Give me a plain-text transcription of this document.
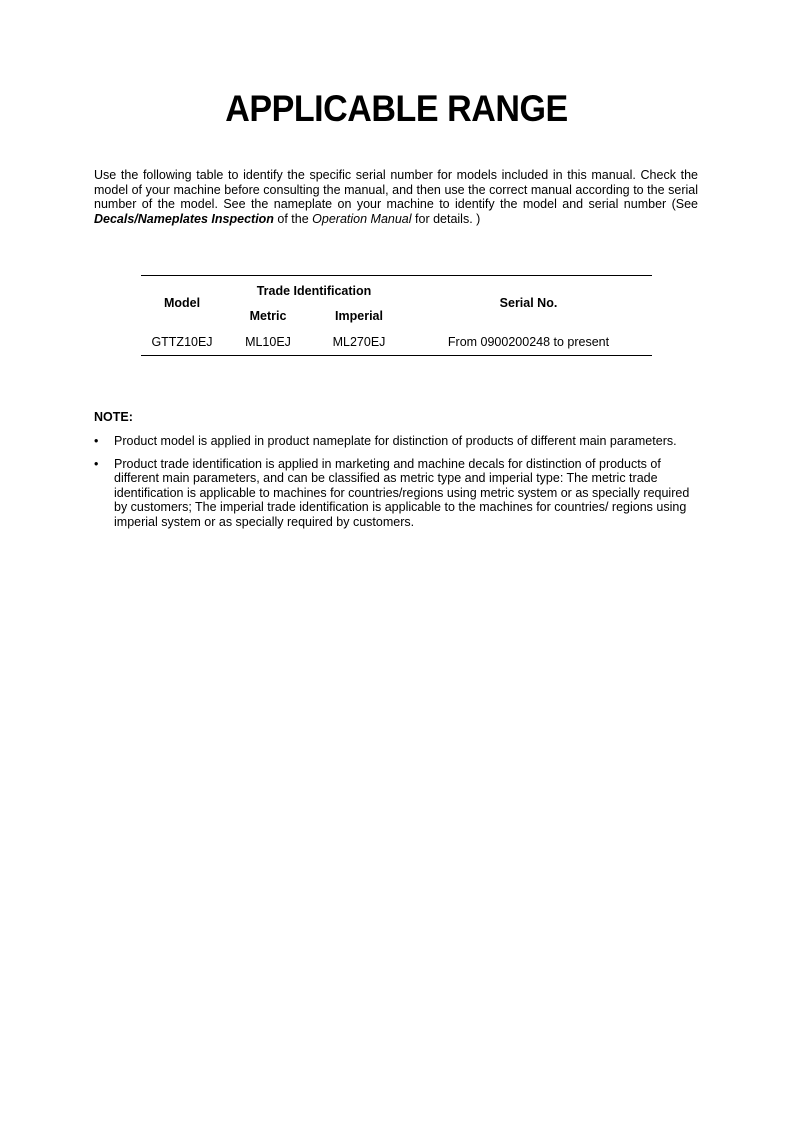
APPLICABLE RANGE

Use the following table to identify the specific serial number for models included in this manual. Check the model of your machine before consulting the manual, and then use the correct manual according to the serial number of the model. See the nameplate on your machine to identify the model and serial number (See Decals/Nameplates Inspection of the Operation Manual for details. )

Model	Trade Identification		Serial No.
	Metric	Imperial	
GTTZ10EJ	ML10EJ	ML270EJ	From 0900200248 to present
NOTE:
• Product model is applied in product nameplate for distinction of products of different main parameters.
• Product trade identification is applied in marketing and machine decals for distinction of products of different main parameters, and can be classified as metric type and imperial type: The metric trade identification is applicable to machines for countries/regions using metric system or as specially required by customers; The imperial trade identification is applicable to the machines for countries/ regions using imperial system or as specially required by customers.
